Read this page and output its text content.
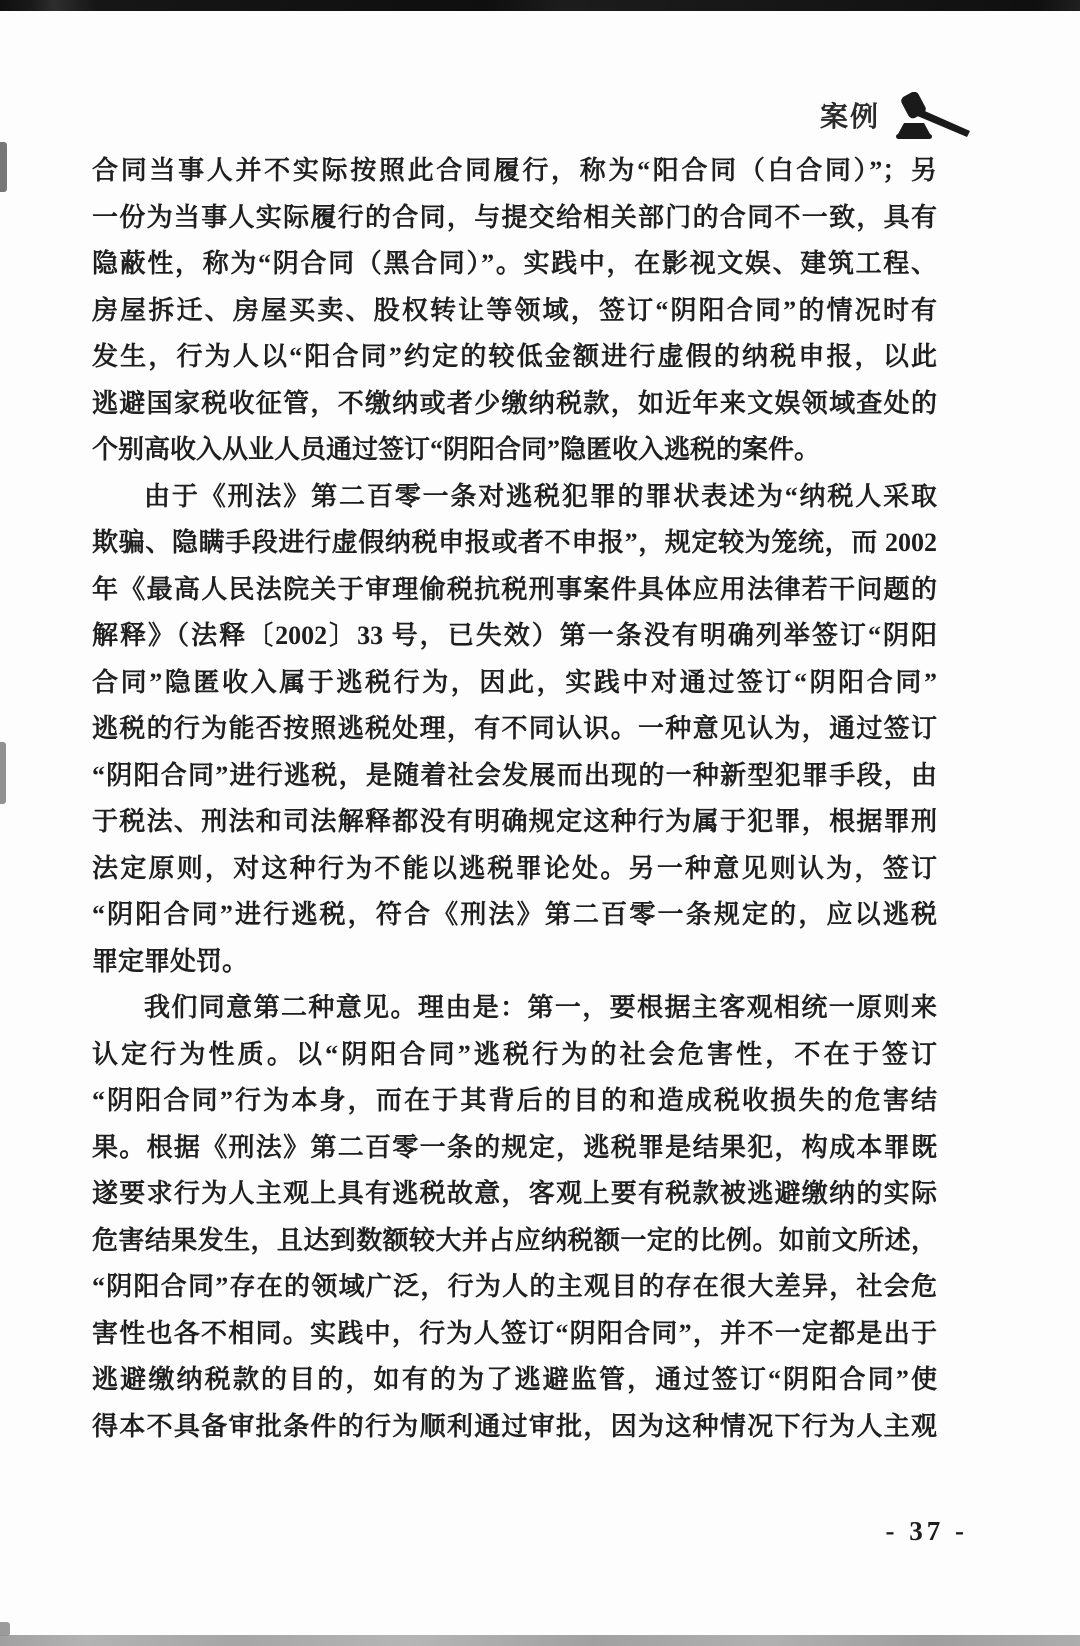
案例
合同当事人并不实际按照此合同履行，称为“阳合同（白合同）”；另
一份为当事人实际履行的合同，与提交给相关部门的合同不一致，具有
隐蔽性，称为“阴合同（黑合同）”。实践中，在影视文娱、建筑工程、
房屋拆迁、房屋买卖、股权转让等领域，签订“阴阳合同”的情况时有
发生，行为人以“阳合同”约定的较低金额进行虚假的纳税申报，以此
逃避国家税收征管，不缴纳或者少缴纳税款，如近年来文娱领域查处的
个别高收入从业人员通过签订“阴阳合同”隐匿收入逃税的案件。
由于《刑法》第二百零一条对逃税犯罪的罪状表述为“纳税人采取
欺骗、隐瞒手段进行虚假纳税申报或者不申报”，规定较为笼统，而 2002
年《最高人民法院关于审理偷税抗税刑事案件具体应用法律若干问题的
解释》（法释〔2002〕33 号，已失效）第一条没有明确列举签订“阴阳
合同”隐匿收入属于逃税行为，因此，实践中对通过签订“阴阳合同”
逃税的行为能否按照逃税处理，有不同认识。一种意见认为，通过签订
“阴阳合同”进行逃税，是随着社会发展而出现的一种新型犯罪手段，由
于税法、刑法和司法解释都没有明确规定这种行为属于犯罪，根据罪刑
法定原则，对这种行为不能以逃税罪论处。另一种意见则认为，签订
“阴阳合同”进行逃税，符合《刑法》第二百零一条规定的，应以逃税
罪定罪处罚。
我们同意第二种意见。理由是：第一，要根据主客观相统一原则来
认定行为性质。以“阴阳合同”逃税行为的社会危害性，不在于签订
“阴阳合同”行为本身，而在于其背后的目的和造成税收损失的危害结
果。根据《刑法》第二百零一条的规定，逃税罪是结果犯，构成本罪既
遂要求行为人主观上具有逃税故意，客观上要有税款被逃避缴纳的实际
危害结果发生，且达到数额较大并占应纳税额一定的比例。如前文所述，
“阴阳合同”存在的领域广泛，行为人的主观目的存在很大差异，社会危
害性也各不相同。实践中，行为人签订“阴阳合同”，并不一定都是出于
逃避缴纳税款的目的，如有的为了逃避监管，通过签订“阴阳合同”使
得本不具备审批条件的行为顺利通过审批，因为这种情况下行为人主观
- 37 -
